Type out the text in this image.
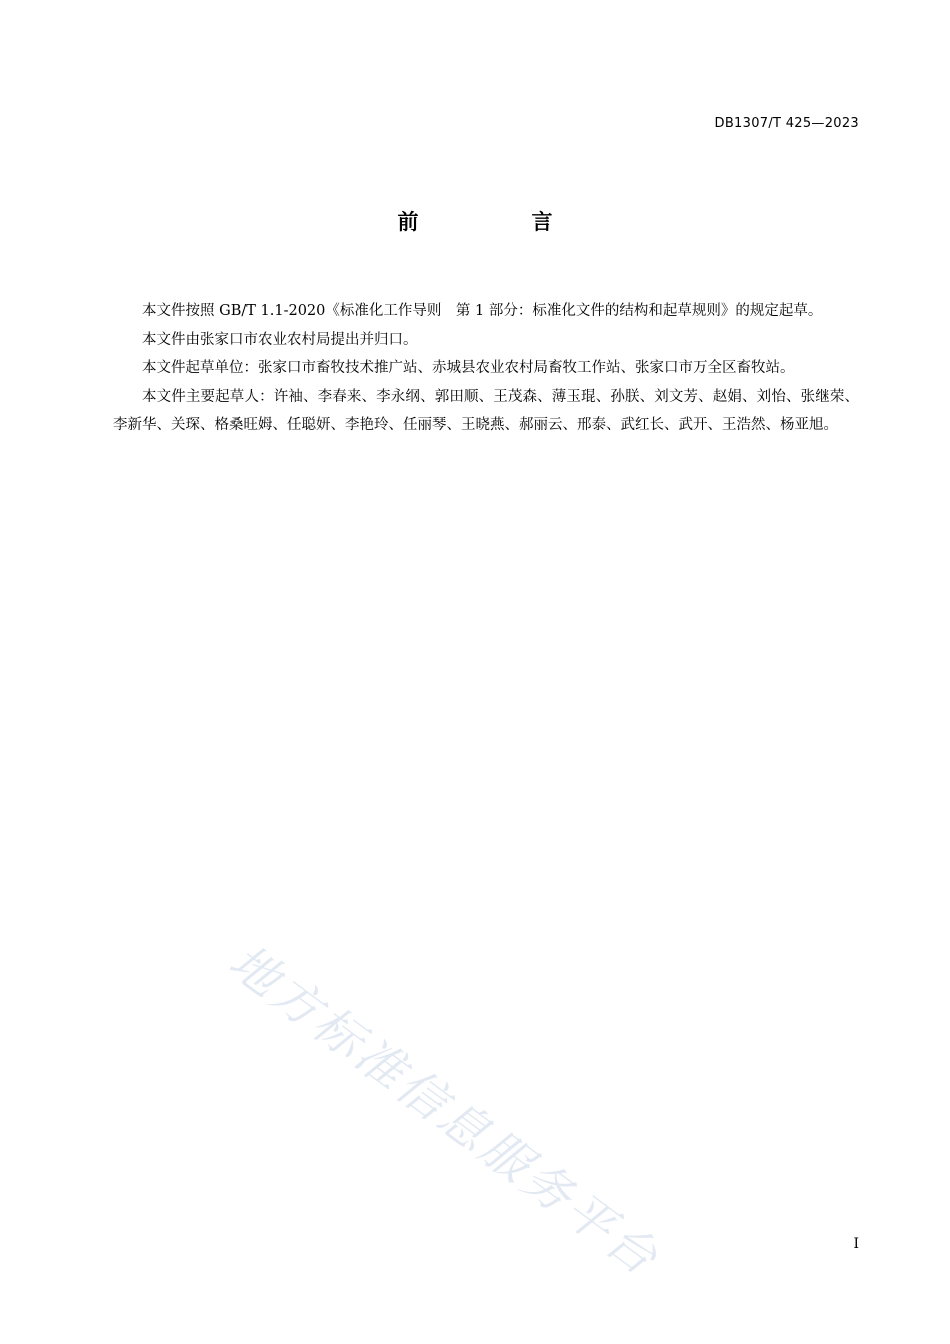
DB1307/T 425—2023
前　言

本文件按照 GB/T 1.1-2020《标准化工作导则　第 1 部分：标准化文件的结构和起草规则》的规定起草。

本文件由张家口市农业农村局提出并归口。

本文件起草单位：张家口市畜牧技术推广站、赤城县农业农村局畜牧工作站、张家口市万全区畜牧站。

本文件主要起草人：许袖、李春来、李永纲、郭田顺、王茂森、薄玉琨、孙朕、刘文芳、赵娟、刘怡、张继荣、李新华、关琛、格桑旺姆、任聪妍、李艳玲、任丽琴、王晓燕、郝丽云、邢泰、武红长、武开、王浩然、杨亚旭。

地方标准信息服务平台	I
